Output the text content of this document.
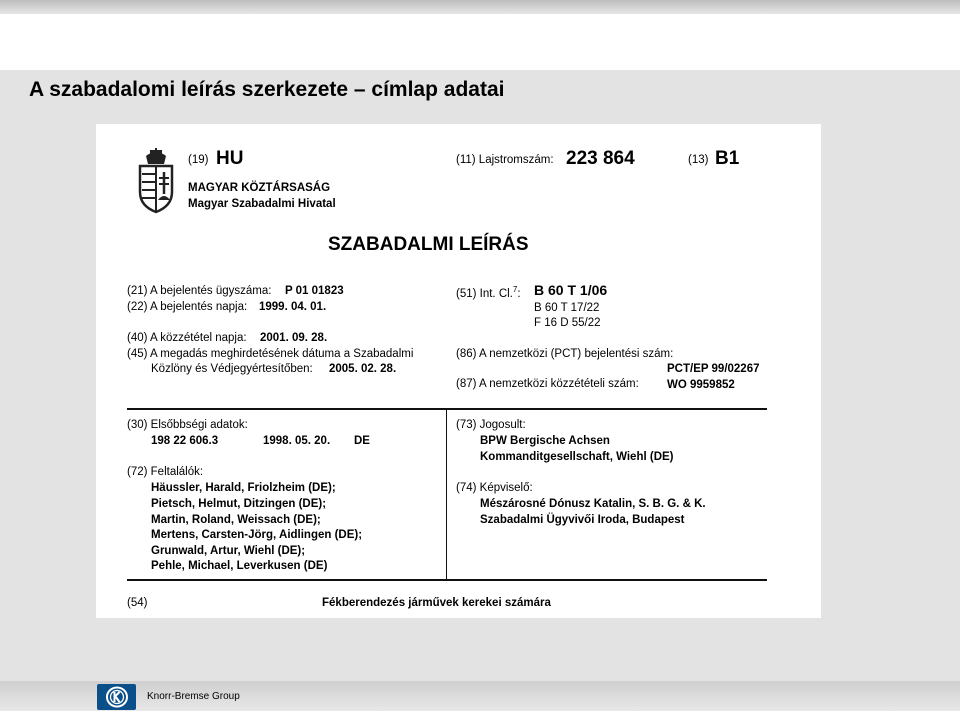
A szabadalomi leírás szerkezete – címlap adatai
(19) HU
MAGYAR KÖZTÁRSASÁG
Magyar Szabadalmi Hivatal
(11) Lajstromszám: 223 864	(13) B1
SZABADALMI LEÍRÁS
(21) A bejelentés ügyszáma: P 01 01823
(22) A bejelentés napja: 1999. 04. 01.
(40) A közzététel napja: 2001. 09. 28.
(45) A megadás meghirdetésének dátuma a Szabadalmi
Közlöny és Védjegyértesítőben: 2005. 02. 28.
(51) Int. Cl.$^7$: B 60 T 1/06
B 60 T 17/22
F 16 D 55/22
(86) A nemzetközi (PCT) bejelentési szám:
PCT/EP 99/02267
(87) A nemzetközi közzétételi szám: WO 9959852
(30) Elsőbbségi adatok:
198 22 606.3	1998. 05. 20. DE
(72) Feltalálók:
Häussler, Harald, Friolzheim (DE);
Pietsch, Helmut, Ditzingen (DE);
Martin, Roland, Weissach (DE);
Mertens, Carsten-Jörg, Aidlingen (DE);
Grunwald, Artur, Wiehl (DE);
Pehle, Michael, Leverkusen (DE)
(73) Jogosult:
BPW Bergische Achsen
Kommanditgesellschaft, Wiehl (DE)
(74) Képviselő:
Mészárosné Dónusz Katalin, S. B. G. & K.
Szabadalmi Ügyvivői Iroda, Budapest
(54)	Fékberendezés járművek kerekei számára
Knorr-Bremse Group
